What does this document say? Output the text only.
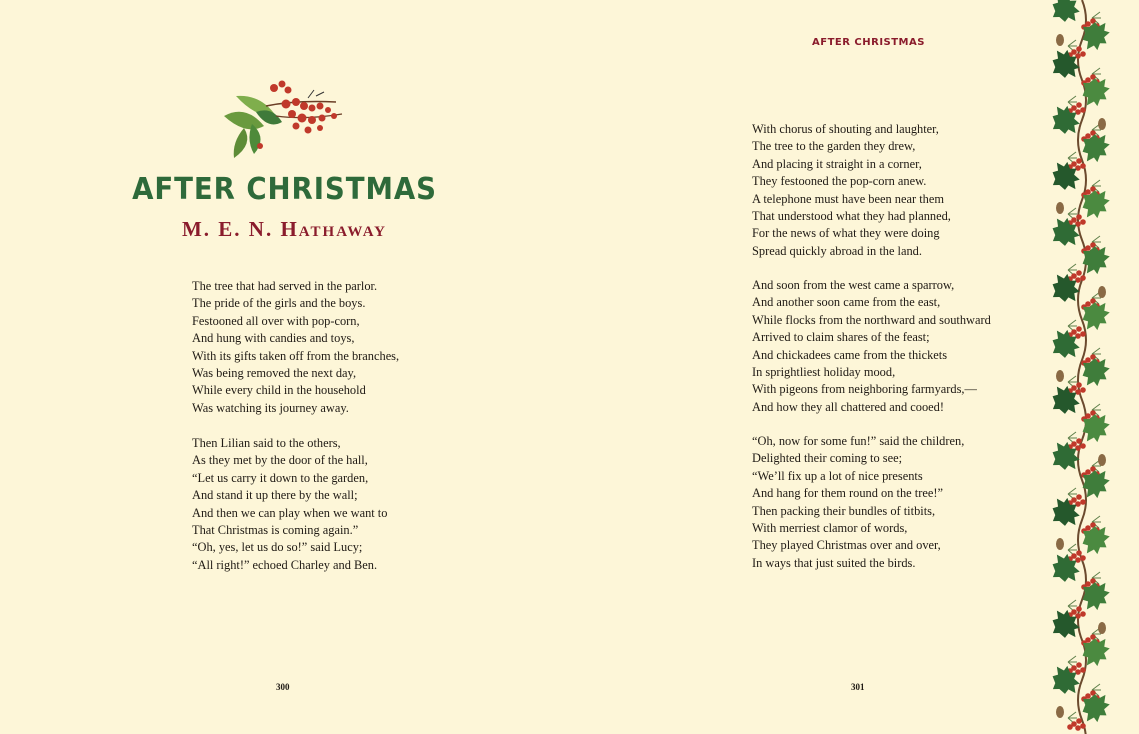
AFTER CHRISTMAS
M. E. N. Hathaway
The tree that had served in the parlor.
The pride of the girls and the boys.
Festooned all over with pop-corn,
And hung with candies and toys,
With its gifts taken off from the branches,
Was being removed the next day,
While every child in the household
Was watching its journey away.
Then Lilian said to the others,
As they met by the door of the hall,
“Let us carry it down to the garden,
And stand it up there by the wall;
And then we can play when we want to
That Christmas is coming again.”
“Oh, yes, let us do so!” said Lucy;
“All right!” echoed Charley and Ben.
300
AFTER CHRISTMAS
With chorus of shouting and laughter,
The tree to the garden they drew,
And placing it straight in a corner,
They festooned the pop-corn anew.
A telephone must have been near them
That understood what they had planned,
For the news of what they were doing
Spread quickly abroad in the land.
And soon from the west came a sparrow,
And another soon came from the east,
While flocks from the northward and southward
Arrived to claim shares of the feast;
And chickadees came from the thickets
In sprightliest holiday mood,
With pigeons from neighboring farmyards,—
And how they all chattered and cooed!
“Oh, now for some fun!” said the children,
Delighted their coming to see;
“We’ll fix up a lot of nice presents
And hang for them round on the tree!”
Then packing their bundles of titbits,
With merriest clamor of words,
They played Christmas over and over,
In ways that just suited the birds.
301
